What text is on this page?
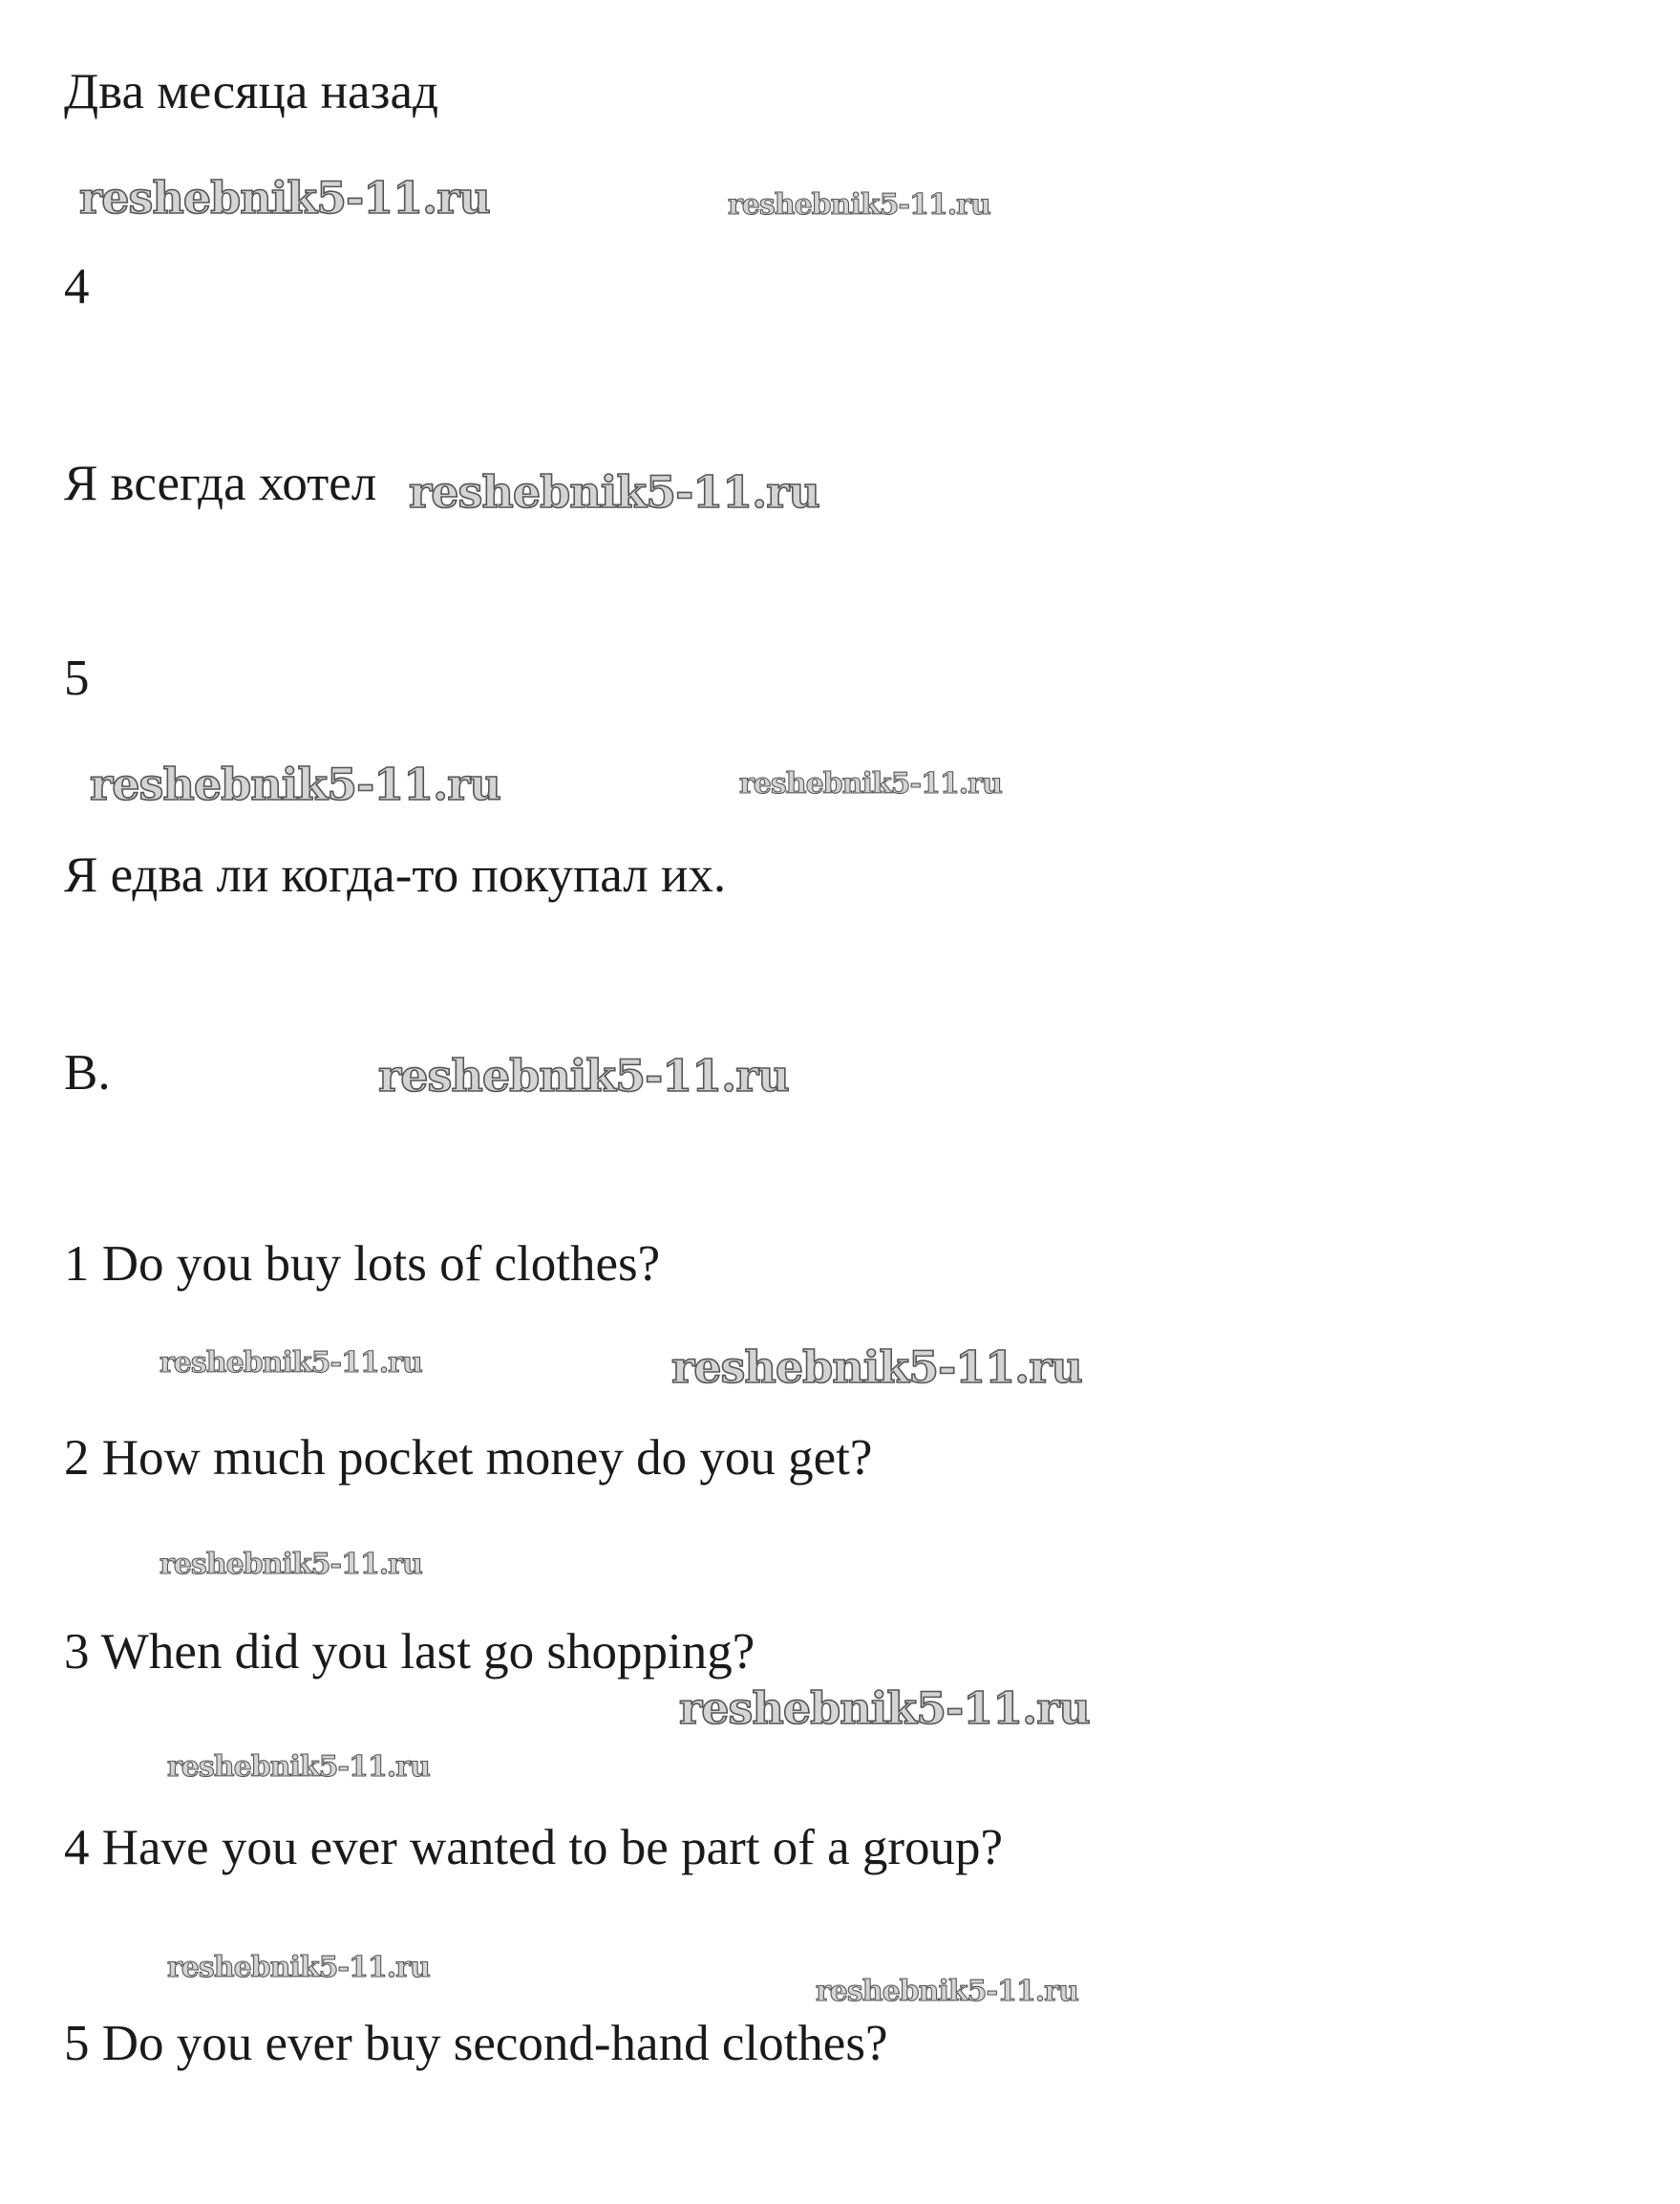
Два месяца назад
4
Я всегда хотел
5
Я едва ли когда-то покупал их.
B.
1 Do you buy lots of clothes?
2 How much pocket money do you get?
3 When did you last go shopping?
4 Have you ever wanted to be part of a group?
5 Do you ever buy second-hand clothes?
reshebnik5-11.ru	reshebnik5-11.ru
reshebnik5-11.ru
reshebnik5-11.ru	reshebnik5-11.ru
reshebnik5-11.ru
reshebnik5-11.ru	reshebnik5-11.ru
reshebnik5-11.ru
reshebnik5-11.ru
reshebnik5-11.ru
reshebnik5-11.ru
reshebnik5-11.ru
